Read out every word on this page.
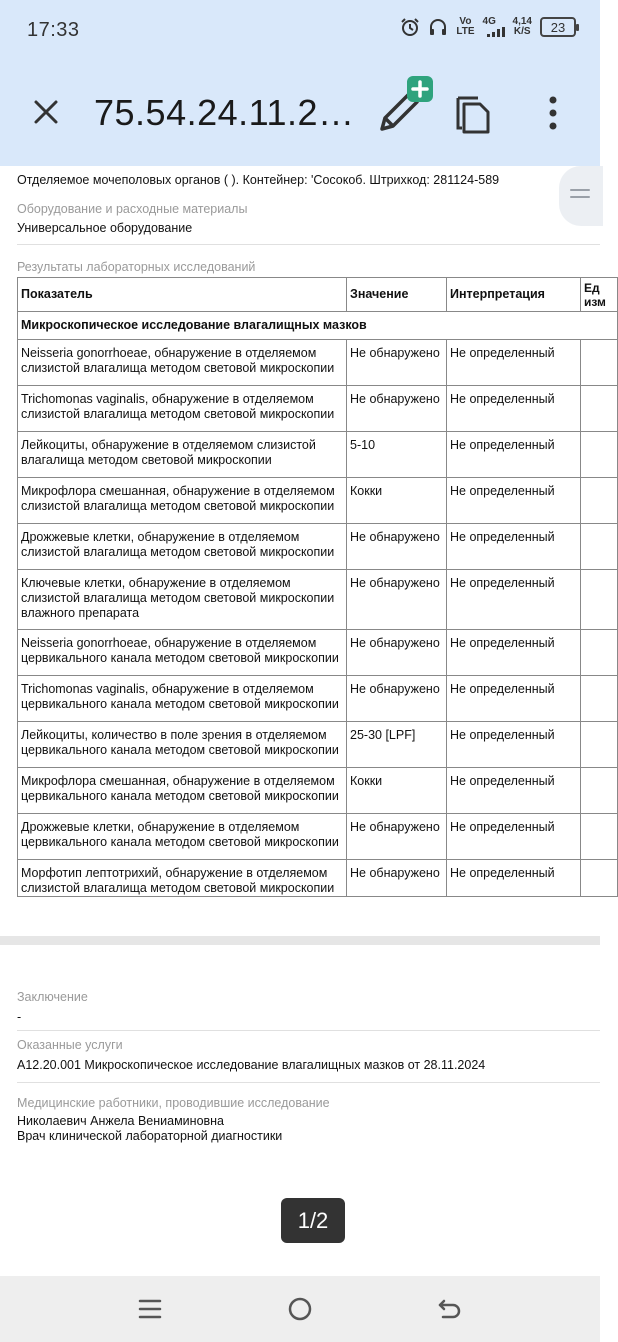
17:33	Vo
LTE
4G 4,14
K/S 23
75.54.24.11.2…
Отделяемое мочеполовых органов ( ). Контейнер: 'Сосокоб. Штрихкод: 281124-589
Оборудование и расходные материалы
Универсальное оборудование
Результаты лабораторных исследований
Показатель	Значение	Интерпретация	Ед
изм

Микроскопическое исследование влагалищных мазков			

Neisseria gonorrhoeae, обнаружение в отделяемом
слизистой влагалища методом световой микроскопии	Не обнаружено	Не определенный	

Trichomonas vaginalis, обнаружение в отделяемом
слизистой влагалища методом световой микроскопии	Не обнаружено	Не определенный	

Лейкоциты, обнаружение в отделяемом слизистой
влагалища методом световой микроскопии	5-10	Не определенный	

Микрофлора смешанная, обнаружение в отделяемом
слизистой влагалища методом световой микроскопии	Кокки	Не определенный	

Дрожжевые клетки, обнаружение в отделяемом
слизистой влагалища методом световой микроскопии	Не обнаружено	Не определенный	

Ключевые клетки, обнаружение в отделяемом
слизистой влагалища методом световой микроскопии
влажного препарата	Не обнаружено	Не определенный	

Neisseria gonorrhoeae, обнаружение в отделяемом
цервикального канала методом световой микроскопии	Не обнаружено	Не определенный	

Trichomonas vaginalis, обнаружение в отделяемом
цервикального канала методом световой микроскопии	Не обнаружено	Не определенный	

Лейкоциты, количество в поле зрения в отделяемом
цервикального канала методом световой микроскопии	25-30 [LPF]	Не определенный	

Микрофлора смешанная, обнаружение в отделяемом
цервикального канала методом световой микроскопии	Кокки	Не определенный	

Дрожжевые клетки, обнаружение в отделяемом
цервикального канала методом световой микроскопии	Не обнаружено	Не определенный	

Морфотип лептотрихий, обнаружение в отделяемом
слизистой влагалища методом световой микроскопии	Не обнаружено	Не определенный	
Заключение
-
Оказанные услуги
A12.20.001 Микроскопическое исследование влагалищных мазков от 28.11.2024
Медицинские работники, проводившие исследование
Николаевич Анжела Вениаминовна
Врач клинической лабораторной диагностики
1/2
